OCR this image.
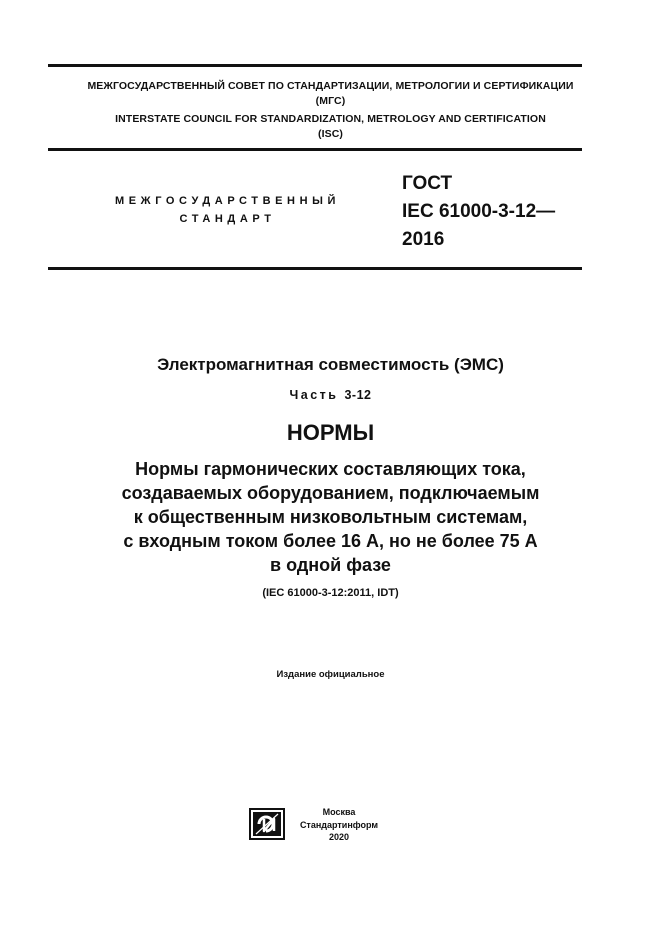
МЕЖГОСУДАРСТВЕННЫЙ СОВЕТ ПО СТАНДАРТИЗАЦИИ, МЕТРОЛОГИИ И СЕРТИФИКАЦИИ
(МГС)
INTERSTATE COUNCIL FOR STANDARDIZATION, METROLOGY AND CERTIFICATION
(ISC)
МЕЖГОСУДАРСТВЕННЫЙ
СТАНДАРТ
ГОСТ
IEC 61000-3-12—
2016
Электромагнитная совместимость (ЭМС)
Часть 3-12
НОРМЫ
Нормы гармонических составляющих тока,
создаваемых оборудованием, подключаемым
к общественным низковольтным системам,
с входным током более 16 А, но не более 75 А
в одной фазе
(IEC 61000-3-12:2011, IDT)
Издание официальное
Москва
Стандартинформ
2020
